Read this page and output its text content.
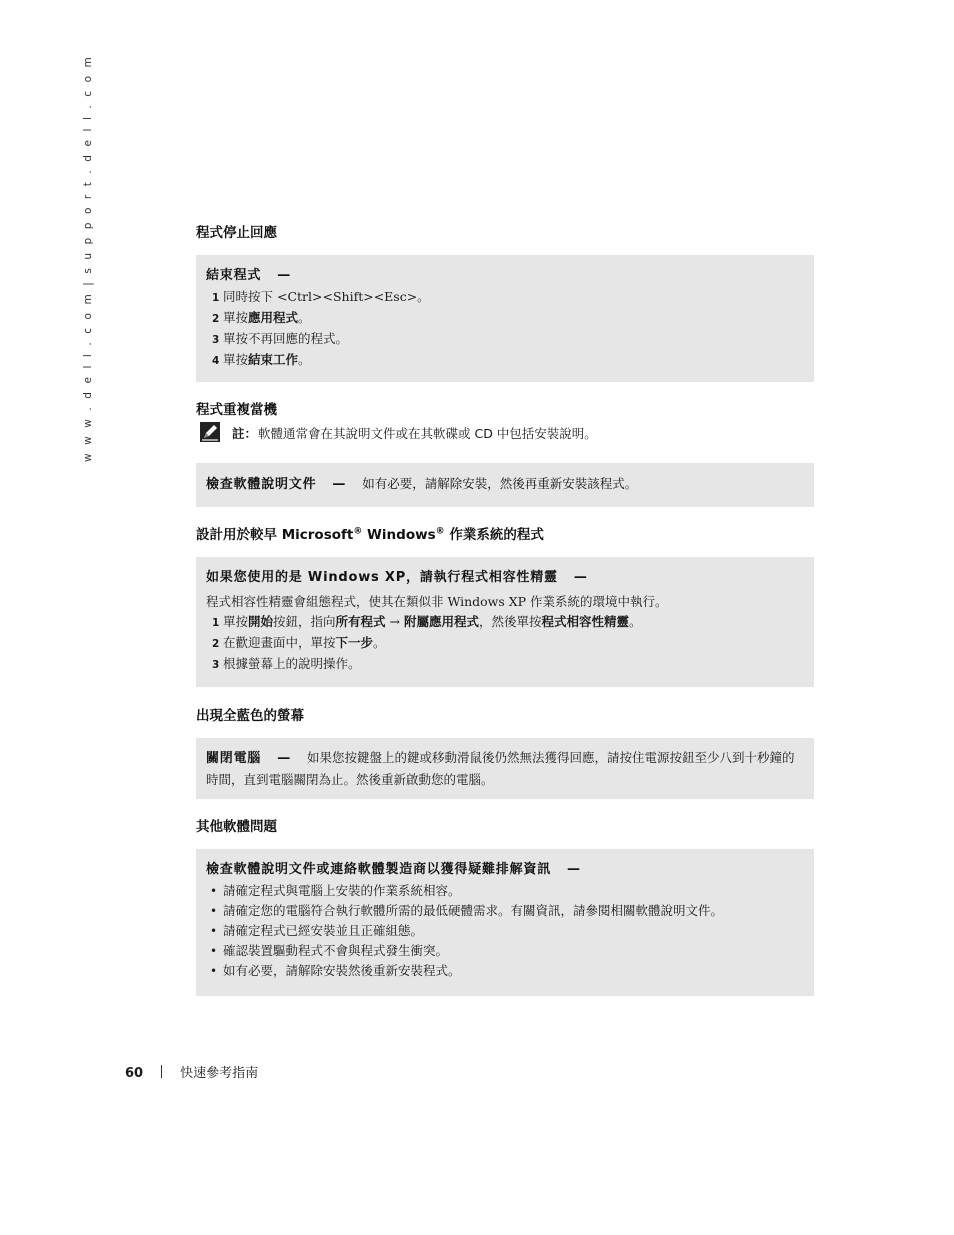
w w w . d e l l . c o m | s u p p o r t . d e l l . c o m	程式停止回應
結束程式 —
1 同時按下 <Ctrl><Shift><Esc>。
2 單按應用程式。
3 單按不再回應的程式。
4 單按結束工作。
程式重複當機
註： 軟體通常會在其說明文件或在其軟碟或 CD 中包括安裝說明。
檢查軟體說明文件 — 如有必要，請解除安裝，然後再重新安裝該程式。
設計用於較早 Microsoft® Windows® 作業系統的程式
如果您使用的是 Windows XP，請執行程式相容性精靈 —
程式相容性精靈會組態程式，使其在類似非 Windows XP 作業系統的環境中執行。
1 單按開始按鈕，指向所有程式 → 附屬應用程式，然後單按程式相容性精靈。
2 在歡迎畫面中，單按下一步。
3 根據螢幕上的說明操作。
出現全藍色的螢幕
關閉電腦 — 如果您按鍵盤上的鍵或移動滑鼠後仍然無法獲得回應，請按住電源按鈕至少八到十秒鐘的時間，直到電腦關閉為止。然後重新啟動您的電腦。
其他軟體問題
檢查軟體說明文件或連絡軟體製造商以獲得疑難排解資訊 —
• 請確定程式與電腦上安裝的作業系統相容。
• 請確定您的電腦符合執行軟體所需的最低硬體需求。有關資訊，請參閱相關軟體說明文件。
• 請確定程式已經安裝並且正確組態。
• 確認裝置驅動程式不會與程式發生衝突。
• 如有必要，請解除安裝然後重新安裝程式。
60	快速參考指南
